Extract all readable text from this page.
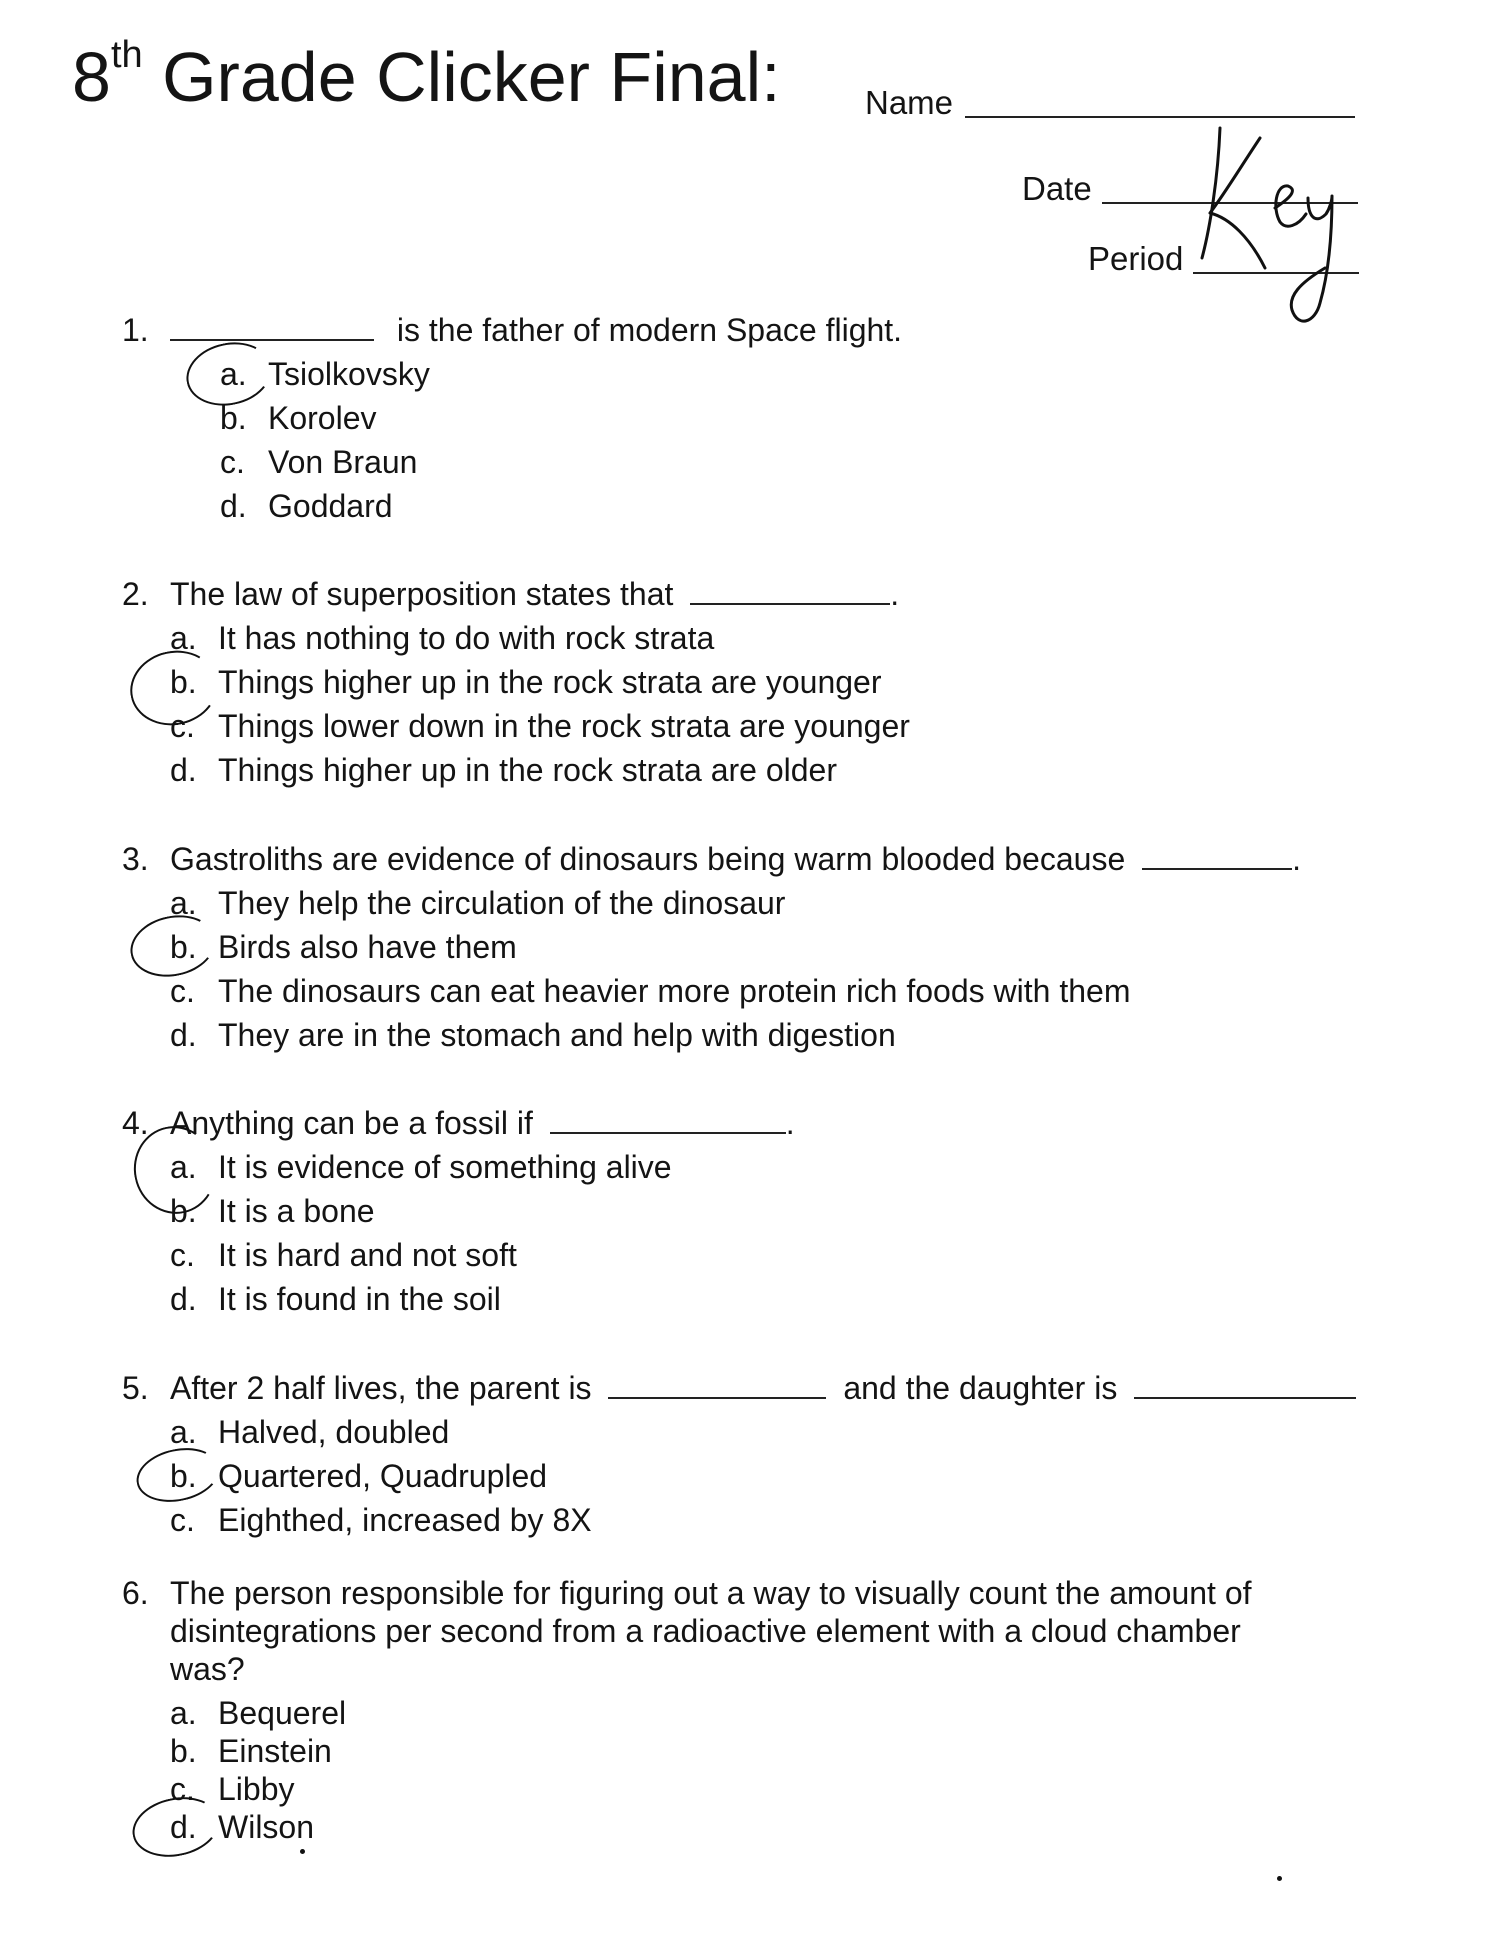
8th Grade Clicker Final:	Name
Date
Period
1.	is the father of modern Space flight.
a. Tsiolkovsky
b. Korolev
c. Von Braun
d. Goddard
2. The law of superposition states that	.
a. It has nothing to do with rock strata
b. Things higher up in the rock strata are younger
c. Things lower down in the rock strata are younger
d. Things higher up in the rock strata are older
3. Gastroliths are evidence of dinosaurs being warm blooded because	.
a. They help the circulation of the dinosaur
b. Birds also have them
c. The dinosaurs can eat heavier more protein rich foods with them
d. They are in the stomach and help with digestion
4. Anything can be a fossil if	.
a. It is evidence of something alive
b. It is a bone
c. It is hard and not soft
d. It is found in the soil
5. After 2 half lives, the parent is	and the daughter is
a. Halved, doubled
b. Quartered, Quadrupled
c. Eighthed, increased by 8X
6. The person responsible for figuring out a way to visually count the amount of disintegrations per second from a radioactive element with a cloud chamber was?
a. Bequerel
b. Einstein
c. Libby
d. Wilson
